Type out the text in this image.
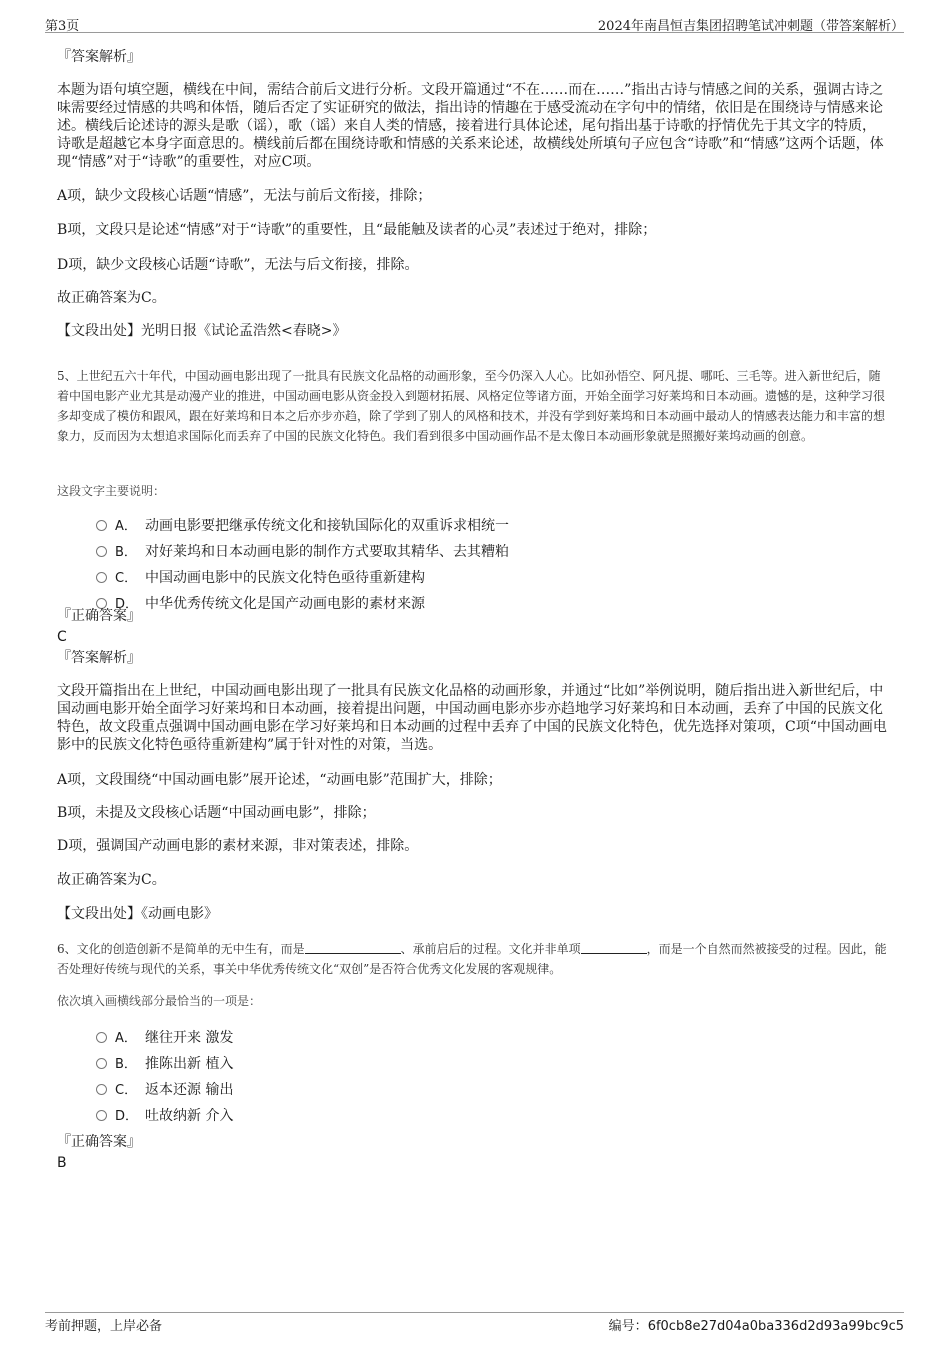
第3页	2024年南昌恒吉集团招聘笔试冲刺题（带答案解析）
『答案解析』
本题为语句填空题，横线在中间，需结合前后文进行分析。文段开篇通过“不在……而在……”指出古诗与情感之间的关系，强调古诗之味需要经过情感的共鸣和体悟，随后否定了实证研究的做法，指出诗的情趣在于感受流动在字句中的情绪，依旧是在围绕诗与情感来论述。横线后论述诗的源头是歌（谣），歌（谣）来自人类的情感，接着进行具体论述，尾句指出基于诗歌的抒情优先于其文字的特质，诗歌是超越它本身字面意思的。横线前后都在围绕诗歌和情感的关系来论述，故横线处所填句子应包含“诗歌”和“情感”这两个话题，体现“情感”对于“诗歌”的重要性，对应C项。
A项，缺少文段核心话题“情感”，无法与前后文衔接，排除；
B项，文段只是论述“情感”对于“诗歌”的重要性，且“最能触及读者的心灵”表述过于绝对，排除；
D项，缺少文段核心话题“诗歌”，无法与后文衔接，排除。
故正确答案为C。
【文段出处】光明日报《试论孟浩然<春晓>》
5、上世纪五六十年代，中国动画电影出现了一批具有民族文化品格的动画形象，至今仍深入人心。比如孙悟空、阿凡提、哪吒、三毛等。进入新世纪后，随着中国电影产业尤其是动漫产业的推进，中国动画电影从资金投入到题材拓展、风格定位等诸方面，开始全面学习好莱坞和日本动画。遗憾的是，这种学习很多却变成了模仿和跟风，跟在好莱坞和日本之后亦步亦趋，除了学到了别人的风格和技术，并没有学到好莱坞和日本动画中最动人的情感表达能力和丰富的想象力，反而因为太想追求国际化而丢弃了中国的民族文化特色。我们看到很多中国动画作品不是太像日本动画形象就是照搬好莱坞动画的创意。
这段文字主要说明：
A． 动画电影要把继承传统文化和接轨国际化的双重诉求相统一
B． 对好莱坞和日本动画电影的制作方式要取其精华、去其糟粕
C． 中国动画电影中的民族文化特色亟待重新建构
D． 中华优秀传统文化是国产动画电影的素材来源
『正确答案』
C
『答案解析』
文段开篇指出在上世纪，中国动画电影出现了一批具有民族文化品格的动画形象，并通过“比如”举例说明，随后指出进入新世纪后，中国动画电影开始全面学习好莱坞和日本动画，接着提出问题，中国动画电影亦步亦趋地学习好莱坞和日本动画，丢弃了中国的民族文化特色，故文段重点强调中国动画电影在学习好莱坞和日本动画的过程中丢弃了中国的民族文化特色，优先选择对策项，C项“中国动画电影中的民族文化特色亟待重新建构”属于针对性的对策，当选。
A项，文段围绕“中国动画电影”展开论述，“动画电影”范围扩大，排除；
B项，未提及文段核心话题“中国动画电影”，排除；
D项，强调国产动画电影的素材来源，非对策表述，排除。
故正确答案为C。
【文段出处】《动画电影》
6、文化的创造创新不是简单的无中生有，而是	、承前启后的过程。文化并非单项	，而是一个自然而然被接受的过程。因此，能否处理好传统与现代的关系，事关中华优秀传统文化“双创”是否符合优秀文化发展的客观规律。
依次填入画横线部分最恰当的一项是：
A． 继往开来 激发
B． 推陈出新 植入
C． 返本还源 输出
D． 吐故纳新 介入
『正确答案』
B
考前押题，上岸必备	编号：6f0cb8e27d04a0ba336d2d93a99bc9c5
